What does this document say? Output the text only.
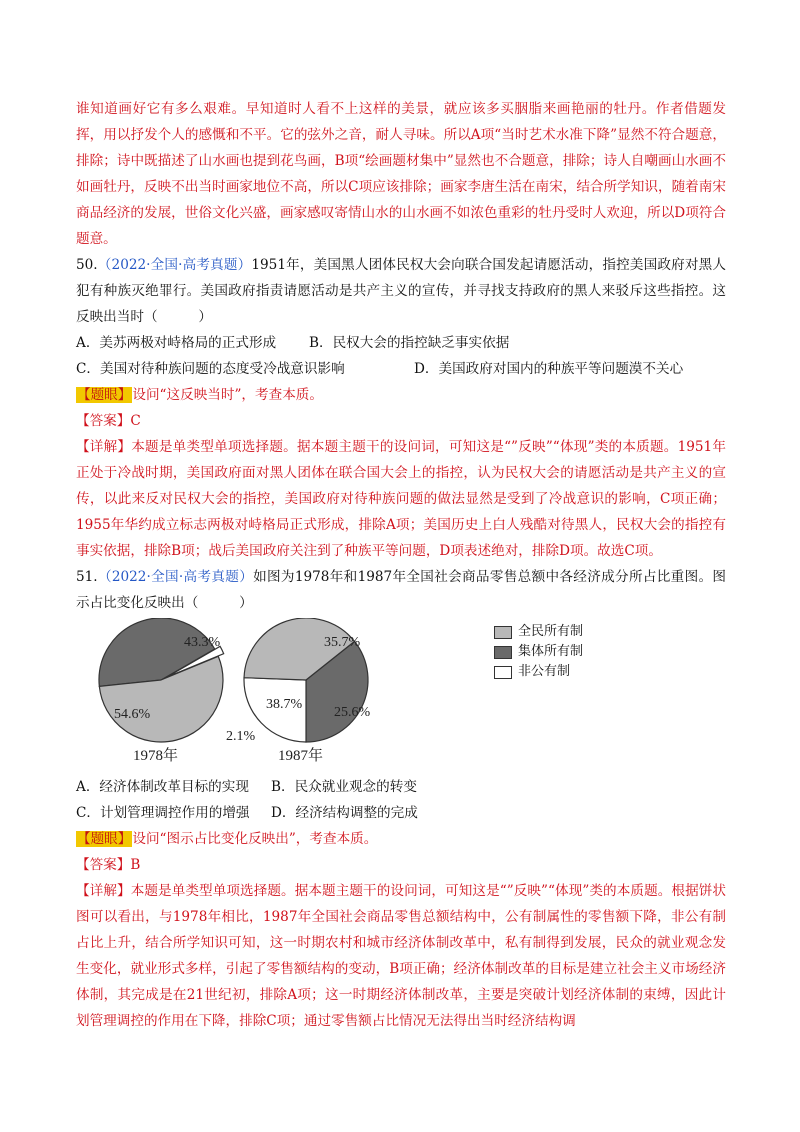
谁知道画好它有多么艰难。早知道时人看不上这样的美景，就应该多买胭脂来画艳丽的牡丹。作者借题发挥，用以抒发个人的感慨和不平。它的弦外之音，耐人寻味。所以A项“当时艺术水准下降”显然不符合题意，排除；诗中既描述了山水画也提到花鸟画，B项“绘画题材集中”显然也不合题意，排除；诗人自嘲画山水画不如画牡丹，反映不出当时画家地位不高，所以C项应该排除；画家李唐生活在南宋，结合所学知识，随着南宋商品经济的发展，世俗文化兴盛，画家感叹寄情山水的山水画不如浓色重彩的牡丹受时人欢迎，所以D项符合题意。

50.（2022·全国·高考真题）1951年，美国黑人团体民权大会向联合国发起请愿活动，指控美国政府对黑人犯有种族灭绝罪行。美国政府指责请愿活动是共产主义的宣传，并寻找支持政府的黑人来驳斥这些指控。这反映出当时（　　　）

A．美苏两极对峙格局的正式形成	B．民权大会的指控缺乏事实依据
C．美国对待种族问题的态度受冷战意识影响	D．美国政府对国内的种族平等问题漠不关心

【题眼】设问“这反映当时”，考查本质。

【答案】C

【详解】本题是单类型单项选择题。据本题主题干的设问词，可知这是“”反映”“体现”类的本质题。1951年正处于冷战时期，美国政府面对黑人团体在联合国大会上的指控，认为民权大会的请愿活动是共产主义的宣传，以此来反对民权大会的指控，美国政府对待种族问题的做法显然是受到了冷战意识的影响，C项正确；1955年华约成立标志两极对峙格局正式形成，排除A项；美国历史上白人残酷对待黑人，民权大会的指控有事实依据，排除B项；战后美国政府关注到了种族平等问题，D项表述绝对，排除D项。故选C项。

51.（2022·全国·高考真题）如图为1978年和1987年全国社会商品零售总额中各经济成分所占比重图。图示占比变化反映出（　　　）

54.6%
43.3%
2.1%
1978年
38.7%
35.7%
25.6%
1987年
全民所有制
集体所有制
非公有制
A．经济体制改革目标的实现	B．民众就业观念的转变
C．计划管理调控作用的增强	D．经济结构调整的完成

【题眼】设问“图示占比变化反映出”，考查本质。

【答案】B

【详解】本题是单类型单项选择题。据本题主题干的设问词，可知这是“”反映”“体现”类的本质题。根据饼状图可以看出，与1978年相比，1987年全国社会商品零售总额结构中，公有制属性的零售额下降，非公有制占比上升，结合所学知识可知，这一时期农村和城市经济体制改革中，私有制得到发展，民众的就业观念发生变化，就业形式多样，引起了零售额结构的变动，B项正确；经济体制改革的目标是建立社会主义市场经济体制，其完成是在21世纪初，排除A项；这一时期经济体制改革，主要是突破计划经济体制的束缚，因此计划管理调控的作用在下降，排除C项；通过零售额占比情况无法得出当时经济结构调
